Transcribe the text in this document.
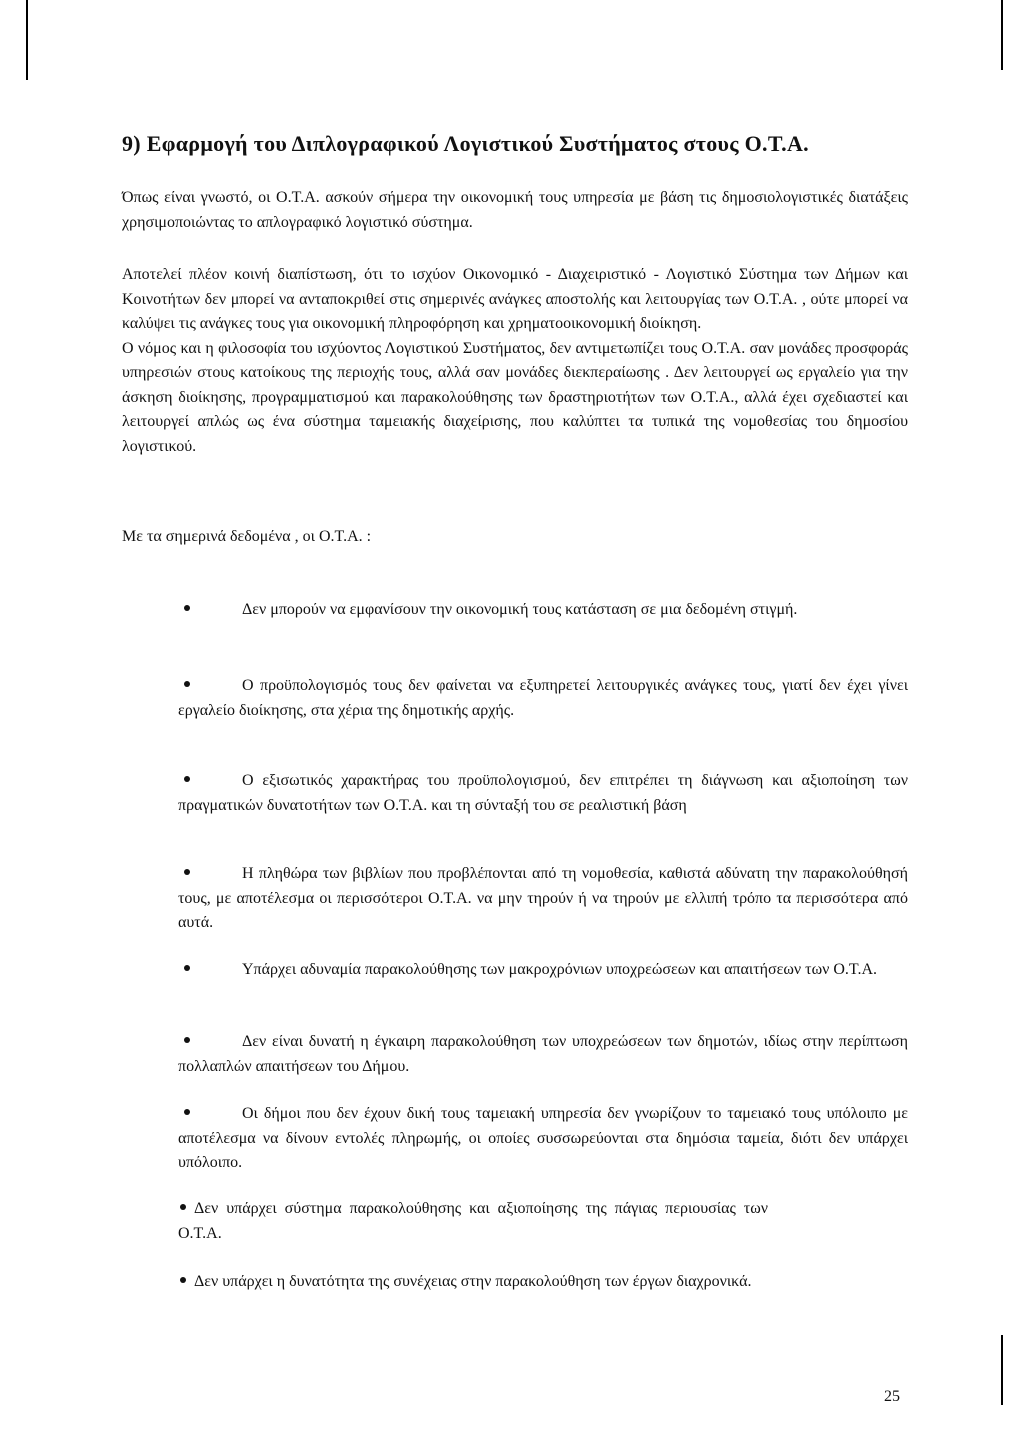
9) Εφαρμογή του Διπλογραφικού Λογιστικού Συστήματος στους Ο.Τ.Α.

Όπως είναι γνωστό, οι Ο.Τ.Α. ασκούν σήμερα την οικονομική τους υπηρεσία με βάση τις δημοσιολογιστικές διατάξεις χρησιμοποιώντας το απλογραφικό λογιστικό σύστημα.

Αποτελεί πλέον κοινή διαπίστωση, ότι το ισχύον Οικονομικό - Διαχειριστικό - Λογιστικό Σύστημα των Δήμων και Κοινοτήτων δεν μπορεί να ανταποκριθεί στις σημερινές ανάγκες αποστολής και λειτουργίας των Ο.Τ.Α. , ούτε μπορεί να καλύψει τις ανάγκες τους για οικονομική πληροφόρηση και χρηματοοικονομική διοίκηση.

Ο νόμος και η φιλοσοφία του ισχύοντος Λογιστικού Συστήματος, δεν αντιμετωπίζει τους Ο.Τ.Α. σαν μονάδες προσφοράς υπηρεσιών στους κατοίκους της περιοχής τους, αλλά σαν μονάδες διεκπεραίωσης . Δεν λειτουργεί ως εργαλείο για την άσκηση διοίκησης, προγραμματισμού και παρακολούθησης των δραστηριοτήτων των Ο.Τ.Α., αλλά έχει σχεδιαστεί και λειτουργεί απλώς ως ένα σύστημα ταμειακής διαχείρισης, που καλύπτει τα τυπικά της νομοθεσίας του δημοσίου λογιστικού.

Με τα σημερινά δεδομένα , οι Ο.Τ.Α. :

Δεν μπορούν να εμφανίσουν την οικονομική τους κατάσταση σε μια δεδομένη στιγμή.

Ο προϋπολογισμός τους δεν φαίνεται να εξυπηρετεί λειτουργικές ανάγκες τους, γιατί δεν έχει γίνει εργαλείο διοίκησης, στα χέρια της δημοτικής αρχής.

Ο εξισωτικός χαρακτήρας του προϋπολογισμού, δεν επιτρέπει τη διάγνωση και αξιοποίηση των πραγματικών δυνατοτήτων των Ο.Τ.Α. και τη σύνταξή του σε ρεαλιστική βάση

Η πληθώρα των βιβλίων που προβλέπονται από τη νομοθεσία, καθιστά αδύνατη την παρακολούθησή τους, με αποτέλεσμα οι περισσότεροι Ο.Τ.Α. να μην τηρούν ή να τηρούν με ελλιπή τρόπο τα περισσότερα από αυτά.

Υπάρχει αδυναμία παρακολούθησης των μακροχρόνιων υποχρεώσεων και απαιτήσεων των Ο.Τ.Α.

Δεν είναι δυνατή η έγκαιρη παρακολούθηση των υποχρεώσεων των δημοτών, ιδίως στην περίπτωση πολλαπλών απαιτήσεων του Δήμου.

Οι δήμοι που δεν έχουν δική τους ταμειακή υπηρεσία δεν γνωρίζουν το ταμειακό τους υπόλοιπο με αποτέλεσμα να δίνουν εντολές πληρωμής, οι οποίες συσσωρεύονται στα δημόσια ταμεία, διότι δεν υπάρχει υπόλοιπο.

Δεν υπάρχει σύστημα παρακολούθησης και αξιοποίησης της πάγιας περιουσίας των Ο.Τ.Α.

Δεν υπάρχει η δυνατότητα της συνέχειας στην παρακολούθηση των έργων διαχρονικά.

25
